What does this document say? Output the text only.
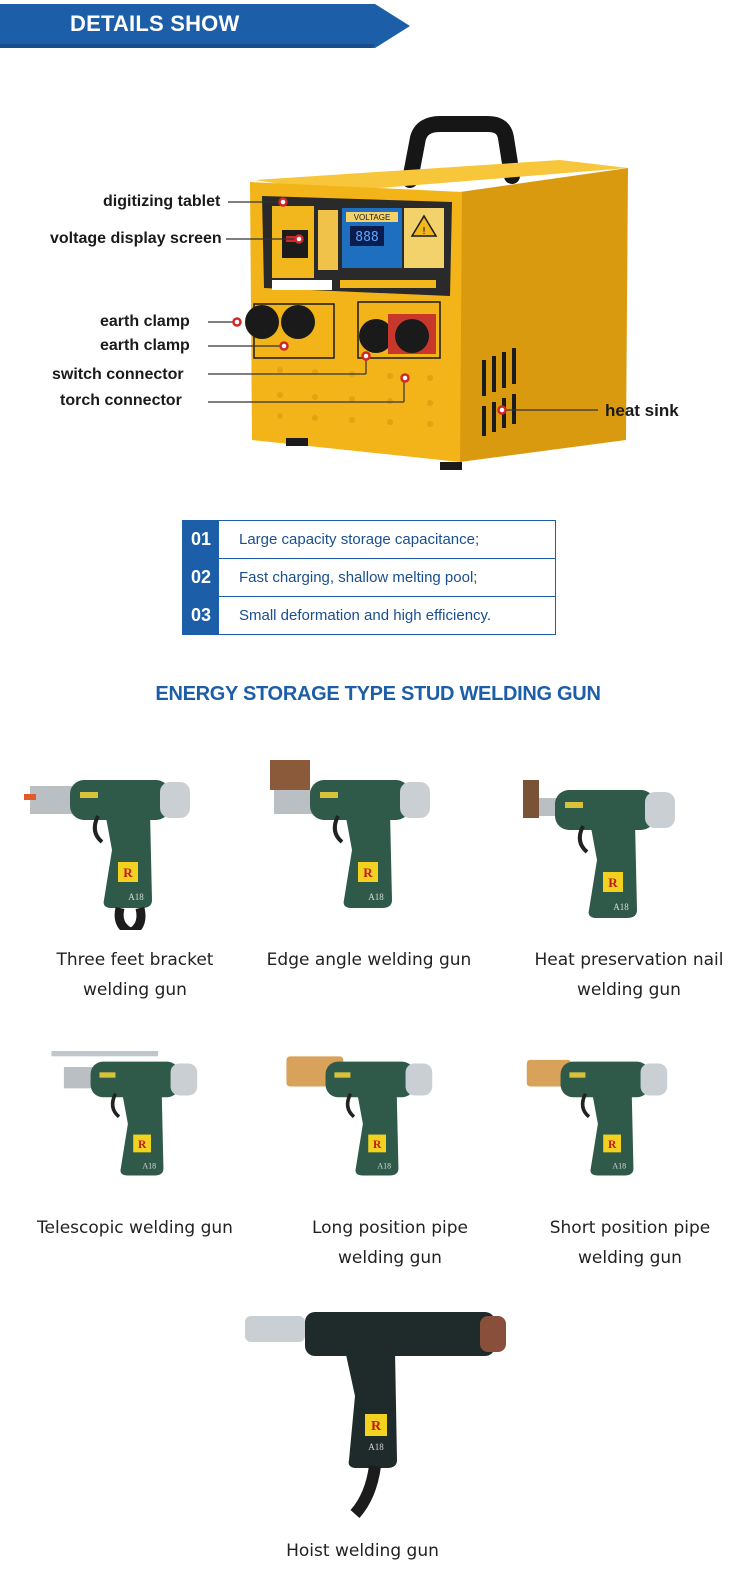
DETAILS SHOW
VOLTAGE
888	!
digitizing tablet
voltage display screen
earth clamp
earth clamp
switch connector
torch connector
heat sink
01	Large capacity storage capacitance;
02	Fast charging, shallow melting pool;
03	Small deformation and high efficiency.
ENERGY STORAGE TYPE STUD WELDING GUN
A18
Three feet bracket
welding gun
A18
Edge angle welding gun
A18
Heat preservation nail
welding gun
A18
Telescopic welding gun
A18
Long position pipe
welding gun
A18
Short position pipe
welding gun
R
A18
Hoist welding gun
